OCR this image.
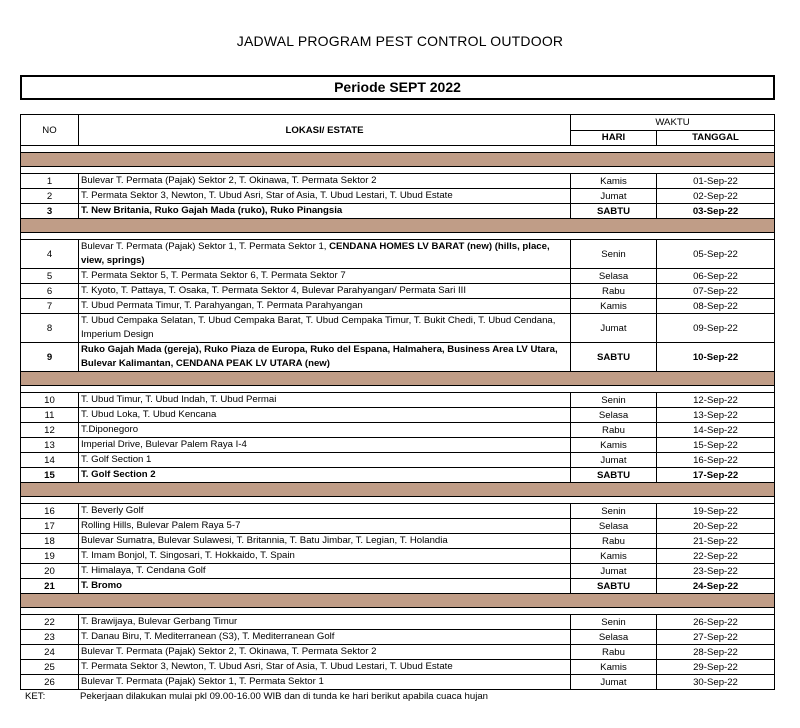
JADWAL PROGRAM PEST CONTROL OUTDOOR
Periode SEPT 2022
NO	LOKASI/ ESTATE	WAKTU	
		HARI	TANGGAL

1	Bulevar T. Permata (Pajak) Sektor 2, T. Okinawa, T. Permata Sektor 2	Kamis	01-Sep-22
2	T. Permata Sektor 3, Newton, T. Ubud Asri, Star of Asia, T. Ubud Lestari, T. Ubud Estate	Jumat	02-Sep-22
3	T. New Britania, Ruko Gajah Mada (ruko), Ruko Pinangsia	SABTU	03-Sep-22

4	Bulevar T. Permata (Pajak) Sektor 1, T. Permata Sektor 1, CENDANA HOMES LV BARAT (new) (hills, place, view, springs)	Senin	05-Sep-22
5	T. Permata Sektor 5, T. Permata Sektor 6, T. Permata Sektor 7	Selasa	06-Sep-22
6	T. Kyoto, T. Pattaya, T. Osaka, T. Permata Sektor 4, Bulevar Parahyangan/ Permata Sari III	Rabu	07-Sep-22
7	T. Ubud Permata Timur, T. Parahyangan, T. Permata Parahyangan	Kamis	08-Sep-22
8	T. Ubud Cempaka Selatan, T. Ubud Cempaka Barat, T. Ubud Cempaka Timur, T. Bukit Chedi, T. Ubud Cendana, Imperium Design	Jumat	09-Sep-22
9	Ruko Gajah Mada (gereja), Ruko Piaza de Europa, Ruko del Espana, Halmahera, Business Area LV Utara, Bulevar Kalimantan, CENDANA PEAK LV UTARA (new)	SABTU	10-Sep-22

10	T. Ubud Timur, T. Ubud Indah, T. Ubud Permai	Senin	12-Sep-22
11	T. Ubud Loka, T. Ubud Kencana	Selasa	13-Sep-22
12	T.Diponegoro	Rabu	14-Sep-22
13	Imperial Drive, Bulevar Palem Raya I-4	Kamis	15-Sep-22
14	T. Golf Section 1	Jumat	16-Sep-22
15	T. Golf Section 2	SABTU	17-Sep-22

16	T. Beverly Golf	Senin	19-Sep-22
17	Rolling Hills, Bulevar Palem Raya 5-7	Selasa	20-Sep-22
18	Bulevar Sumatra, Bulevar Sulawesi, T. Britannia, T. Batu Jimbar, T. Legian, T. Holandia	Rabu	21-Sep-22
19	T. Imam Bonjol, T. Singosari, T. Hokkaido, T. Spain	Kamis	22-Sep-22
20	T. Himalaya, T. Cendana Golf	Jumat	23-Sep-22
21	T. Bromo	SABTU	24-Sep-22

22	T. Brawijaya, Bulevar Gerbang Timur	Senin	26-Sep-22
23	T. Danau Biru, T. Mediterranean (S3), T. Mediterranean Golf	Selasa	27-Sep-22
24	Bulevar T. Permata (Pajak) Sektor 2, T. Okinawa, T. Permata Sektor 2	Rabu	28-Sep-22
25	T. Permata Sektor 3, Newton, T. Ubud Asri, Star of Asia, T. Ubud Lestari, T. Ubud Estate	Kamis	29-Sep-22
26	Bulevar T. Permata (Pajak) Sektor 1, T. Permata Sektor 1	Jumat	30-Sep-22
KET:	Pekerjaan dilakukan mulai pkl 09.00-16.00 WIB dan di tunda ke hari berikut apabila cuaca hujan
